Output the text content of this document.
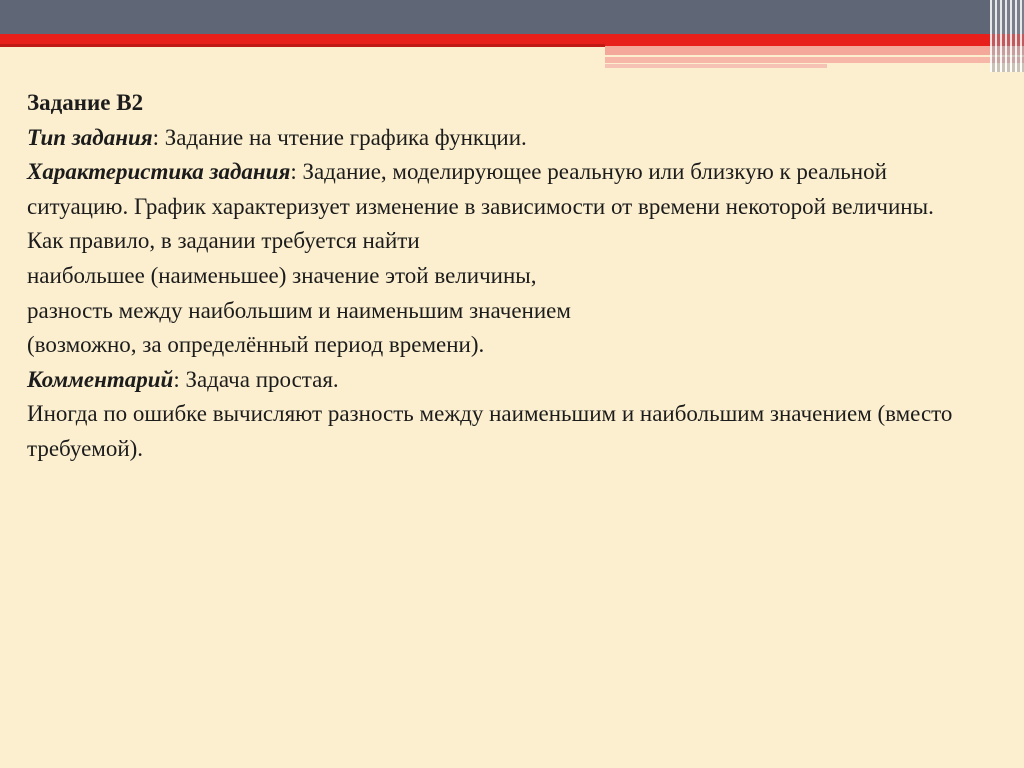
Задание B2

Тип задания: Задание на чтение графика функции.

Характеристика задания: Задание, моделирующее реальную или близкую к реальной ситуацию. График характеризует изменение в зависимости от времени некоторой величины.

Как правило, в задании требуется найти

наибольшее (наименьшее) значение этой величины,

разность между наибольшим и наименьшим значением

(возможно, за определённый период времени).

Комментарий: Задача простая.

Иногда по ошибке вычисляют разность между наименьшим и наибольшим значением (вместо требуемой).
